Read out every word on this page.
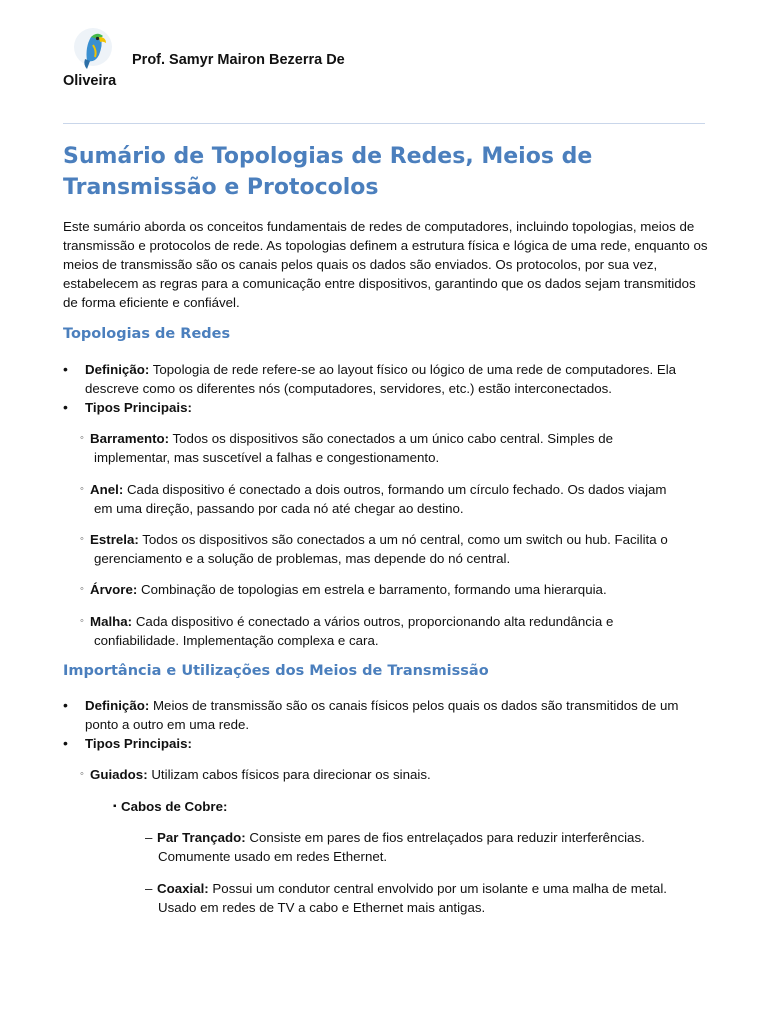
Prof. Samyr Mairon Bezerra De
Oliveira
Sumário de Topologias de Redes, Meios de Transmissão e Protocolos

Este sumário aborda os conceitos fundamentais de redes de computadores, incluindo topologias, meios de transmissão e protocolos de rede. As topologias definem a estrutura física e lógica de uma rede, enquanto os meios de transmissão são os canais pelos quais os dados são enviados. Os protocolos, por sua vez, estabelecem as regras para a comunicação entre dispositivos, garantindo que os dados sejam transmitidos de forma eficiente e confiável.

Topologias de Redes
• Definição: Topologia de rede refere-se ao layout físico ou lógico de uma rede de computadores. Ela descreve como os diferentes nós (computadores, servidores, etc.) estão interconectados.
• Tipos Principais:
◦ Barramento: Todos os dispositivos são conectados a um único cabo central. Simples de
implementar, mas suscetível a falhas e congestionamento.
◦ Anel: Cada dispositivo é conectado a dois outros, formando um círculo fechado. Os dados viajam
em uma direção, passando por cada nó até chegar ao destino.
◦ Estrela: Todos os dispositivos são conectados a um nó central, como um switch ou hub. Facilita o
gerenciamento e a solução de problemas, mas depende do nó central.
◦ Árvore: Combinação de topologias em estrela e barramento, formando uma hierarquia.
◦ Malha: Cada dispositivo é conectado a vários outros, proporcionando alta redundância e
confiabilidade. Implementação complexa e cara.
Importância e Utilizações dos Meios de Transmissão
• Definição: Meios de transmissão são os canais físicos pelos quais os dados são transmitidos de um ponto a outro em uma rede.
• Tipos Principais:
◦ Guiados: Utilizam cabos físicos para direcionar os sinais.
▪ Cabos de Cobre:
– Par Trançado: Consiste em pares de fios entrelaçados para reduzir interferências.
Comumente usado em redes Ethernet.
– Coaxial: Possui um condutor central envolvido por um isolante e uma malha de metal.
Usado em redes de TV a cabo e Ethernet mais antigas.
